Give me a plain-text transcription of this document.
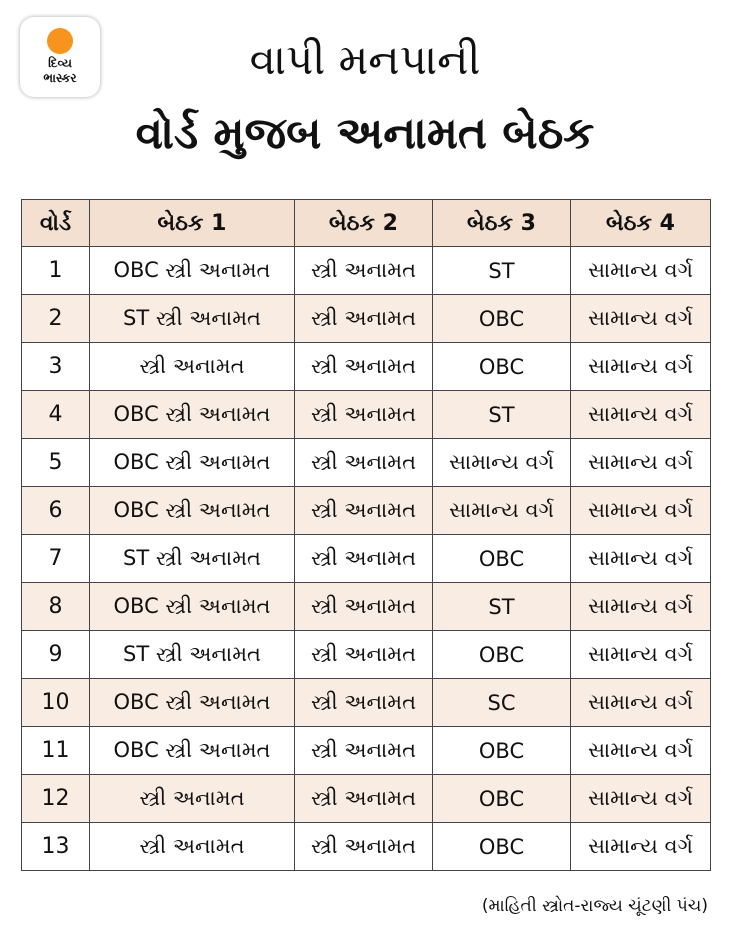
દિવ્ય
ભાસ્કર	વાપી મનપાની
વોર્ડ મુજબ અનામત બેઠક
વોર્ડ	બેઠક 1	બેઠક 2	બેઠક 3	બેઠક 4
1	OBC સ્ત્રી અનામત	સ્ત્રી અનામત	ST	સામાન્ય વર્ગ
2	ST સ્ત્રી અનામત	સ્ત્રી અનામત	OBC	સામાન્ય વર્ગ
3	સ્ત્રી અનામત	સ્ત્રી અનામત	OBC	સામાન્ય વર્ગ
4	OBC સ્ત્રી અનામત	સ્ત્રી અનામત	ST	સામાન્ય વર્ગ
5	OBC સ્ત્રી અનામત	સ્ત્રી અનામત	સામાન્ય વર્ગ	સામાન્ય વર્ગ
6	OBC સ્ત્રી અનામત	સ્ત્રી અનામત	સામાન્ય વર્ગ	સામાન્ય વર્ગ
7	ST સ્ત્રી અનામત	સ્ત્રી અનામત	OBC	સામાન્ય વર્ગ
8	OBC સ્ત્રી અનામત	સ્ત્રી અનામત	ST	સામાન્ય વર્ગ
9	ST સ્ત્રી અનામત	સ્ત્રી અનામત	OBC	સામાન્ય વર્ગ
10	OBC સ્ત્રી અનામત	સ્ત્રી અનામત	SC	સામાન્ય વર્ગ
11	OBC સ્ત્રી અનામત	સ્ત્રી અનામત	OBC	સામાન્ય વર્ગ
12	સ્ત્રી અનામત	સ્ત્રી અનામત	OBC	સામાન્ય વર્ગ
13	સ્ત્રી અનામત	સ્ત્રી અનામત	OBC	સામાન્ય વર્ગ
(માહિતી સ્ત્રોત-રાજ્ય ચૂંટણી પંચ)
